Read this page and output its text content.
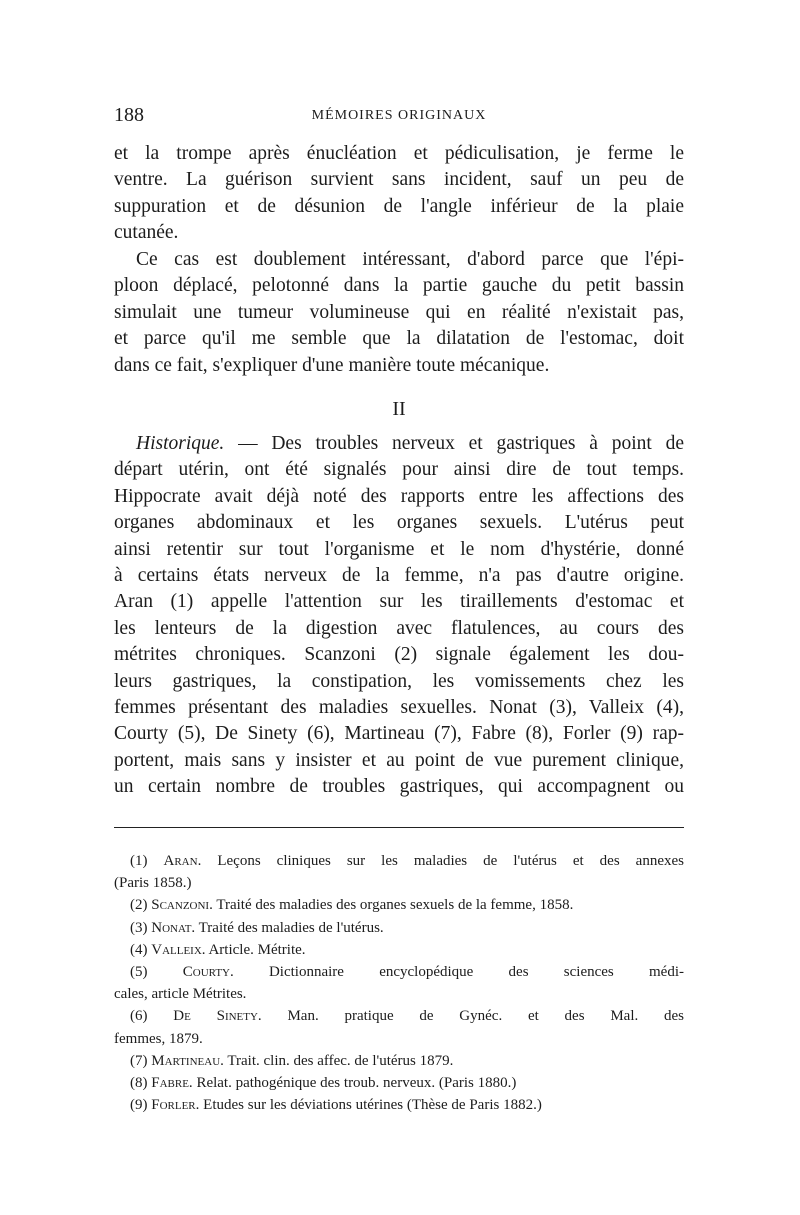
188	MÉMOIRES ORIGINAUX
et la trompe après énucléation et pédiculisation, je ferme le
ventre. La guérison survient sans incident, sauf un peu de
suppuration et de désunion de l'angle inférieur de la plaie
cutanée.
Ce cas est doublement intéressant, d'abord parce que l'épi-
ploon déplacé, pelotonné dans la partie gauche du petit bassin
simulait une tumeur volumineuse qui en réalité n'existait pas,
et parce qu'il me semble que la dilatation de l'estomac, doit
dans ce fait, s'expliquer d'une manière toute mécanique.
II
Historique. — Des troubles nerveux et gastriques à point de
départ utérin, ont été signalés pour ainsi dire de tout temps.
Hippocrate avait déjà noté des rapports entre les affections des
organes abdominaux et les organes sexuels. L'utérus peut
ainsi retentir sur tout l'organisme et le nom d'hystérie, donné
à certains états nerveux de la femme, n'a pas d'autre origine.
Aran (1) appelle l'attention sur les tiraillements d'estomac et
les lenteurs de la digestion avec flatulences, au cours des
métrites chroniques. Scanzoni (2) signale également les dou-
leurs gastriques, la constipation, les vomissements chez les
femmes présentant des maladies sexuelles. Nonat (3), Valleix (4),
Courty (5), De Sinety (6), Martineau (7), Fabre (8), Forler (9) rap-
portent, mais sans y insister et au point de vue purement clinique,
un certain nombre de troubles gastriques, qui accompagnent ou
(1) Aran. Leçons cliniques sur les maladies de l'utérus et des annexes
(Paris 1858.)
(2) Scanzoni. Traité des maladies des organes sexuels de la femme, 1858.
(3) Nonat. Traité des maladies de l'utérus.
(4) Valleix. Article. Métrite.
(5) Courty. Dictionnaire encyclopédique des sciences médi-
cales, article Métrites.
(6) De Sinety. Man. pratique de Gynéc. et des Mal. des
femmes, 1879.
(7) Martineau. Trait. clin. des affec. de l'utérus 1879.
(8) Fabre. Relat. pathogénique des troub. nerveux. (Paris 1880.)
(9) Forler. Etudes sur les déviations utérines (Thèse de Paris 1882.)
